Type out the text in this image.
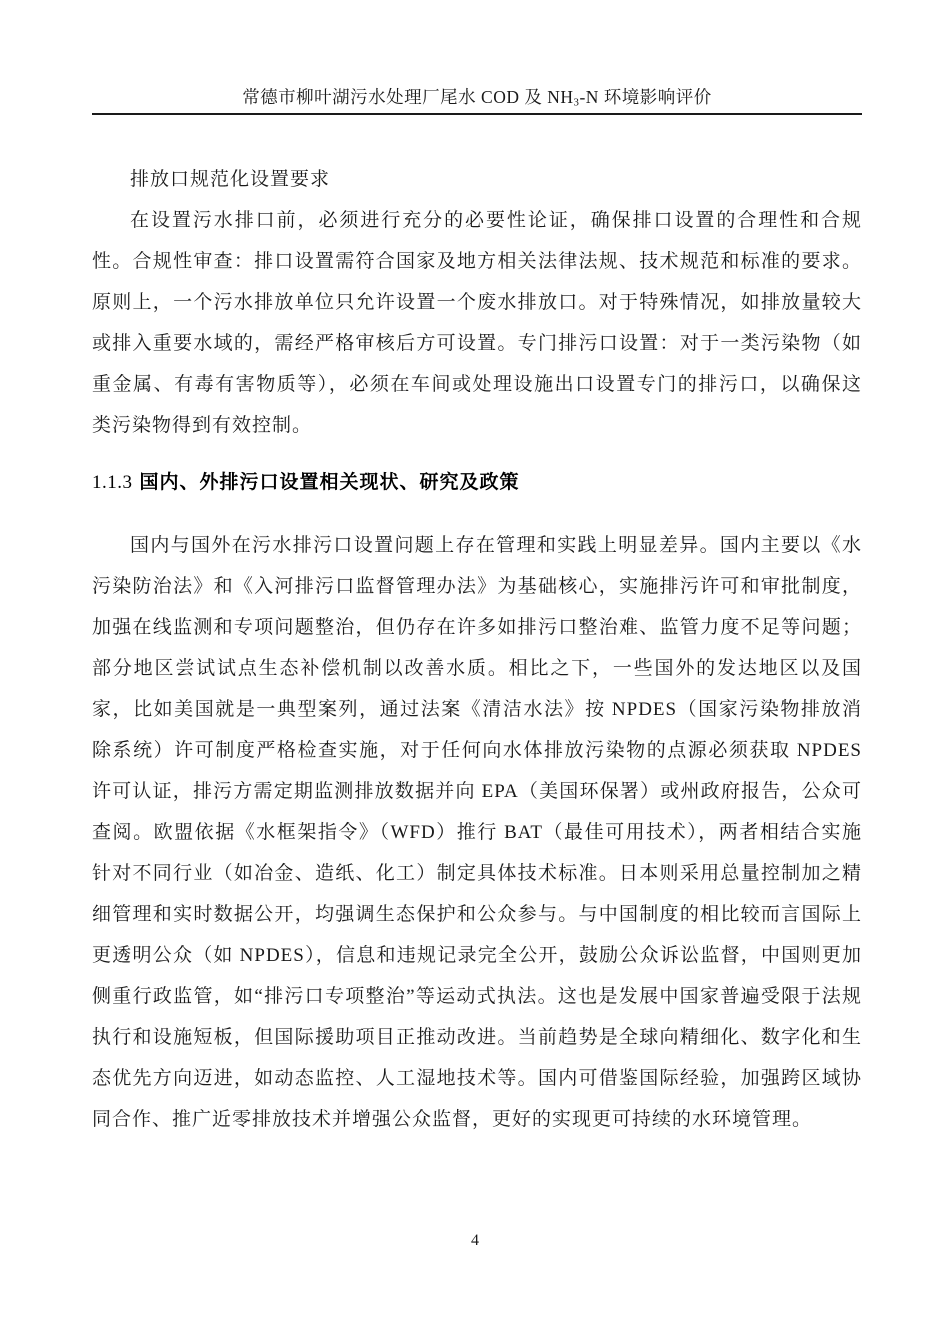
常德市柳叶湖污水处理厂尾水 COD 及 $NH_3-N$ 环境影响评价

排放口规范化设置要求

在设置污水排口前，必须进行充分的必要性论证，确保排口设置的合理性和合规性。合规性审查：排口设置需符合国家及地方相关法律法规、技术规范和标准的要求。原则上，一个污水排放单位只允许设置一个废水排放口。对于特殊情况，如排放量较大或排入重要水域的，需经严格审核后方可设置。专门排污口设置：对于一类污染物（如重金属、有毒有害物质等），必须在车间或处理设施出口设置专门的排污口，以确保这类污染物得到有效控制。

1.1.3 国内、外排污口设置相关现状、研究及政策

国内与国外在污水排污口设置问题上存在管理和实践上明显差异。国内主要以《水污染防治法》和《入河排污口监督管理办法》为基础核心，实施排污许可和审批制度，加强在线监测和专项问题整治，但仍存在许多如排污口整治难、监管力度不足等问题；部分地区尝试试点生态补偿机制以改善水质。相比之下，一些国外的发达地区以及国家，比如美国就是一典型案列，通过法案《清洁水法》按 NPDES（国家污染物排放消除系统）许可制度严格检查实施，对于任何向水体排放污染物的点源必须获取 NPDES 许可认证，排污方需定期监测排放数据并向 EPA（美国环保署）或州政府报告，公众可查阅。欧盟依据《水框架指令》（WFD）推行 BAT（最佳可用技术），两者相结合实施针对不同行业（如冶金、造纸、化工）制定具体技术标准。日本则采用总量控制加之精细管理和实时数据公开，均强调生态保护和公众参与。与中国制度的相比较而言国际上更透明公众（如 NPDES），信息和违规记录完全公开，鼓励公众诉讼监督，中国则更加侧重行政监管，如“排污口专项整治”等运动式执法。这也是发展中国家普遍受限于法规执行和设施短板，但国际援助项目正推动改进。当前趋势是全球向精细化、数字化和生态优先方向迈进，如动态监控、人工湿地技术等。国内可借鉴国际经验，加强跨区域协同合作、推广近零排放技术并增强公众监督，更好的实现更可持续的水环境管理。

4
